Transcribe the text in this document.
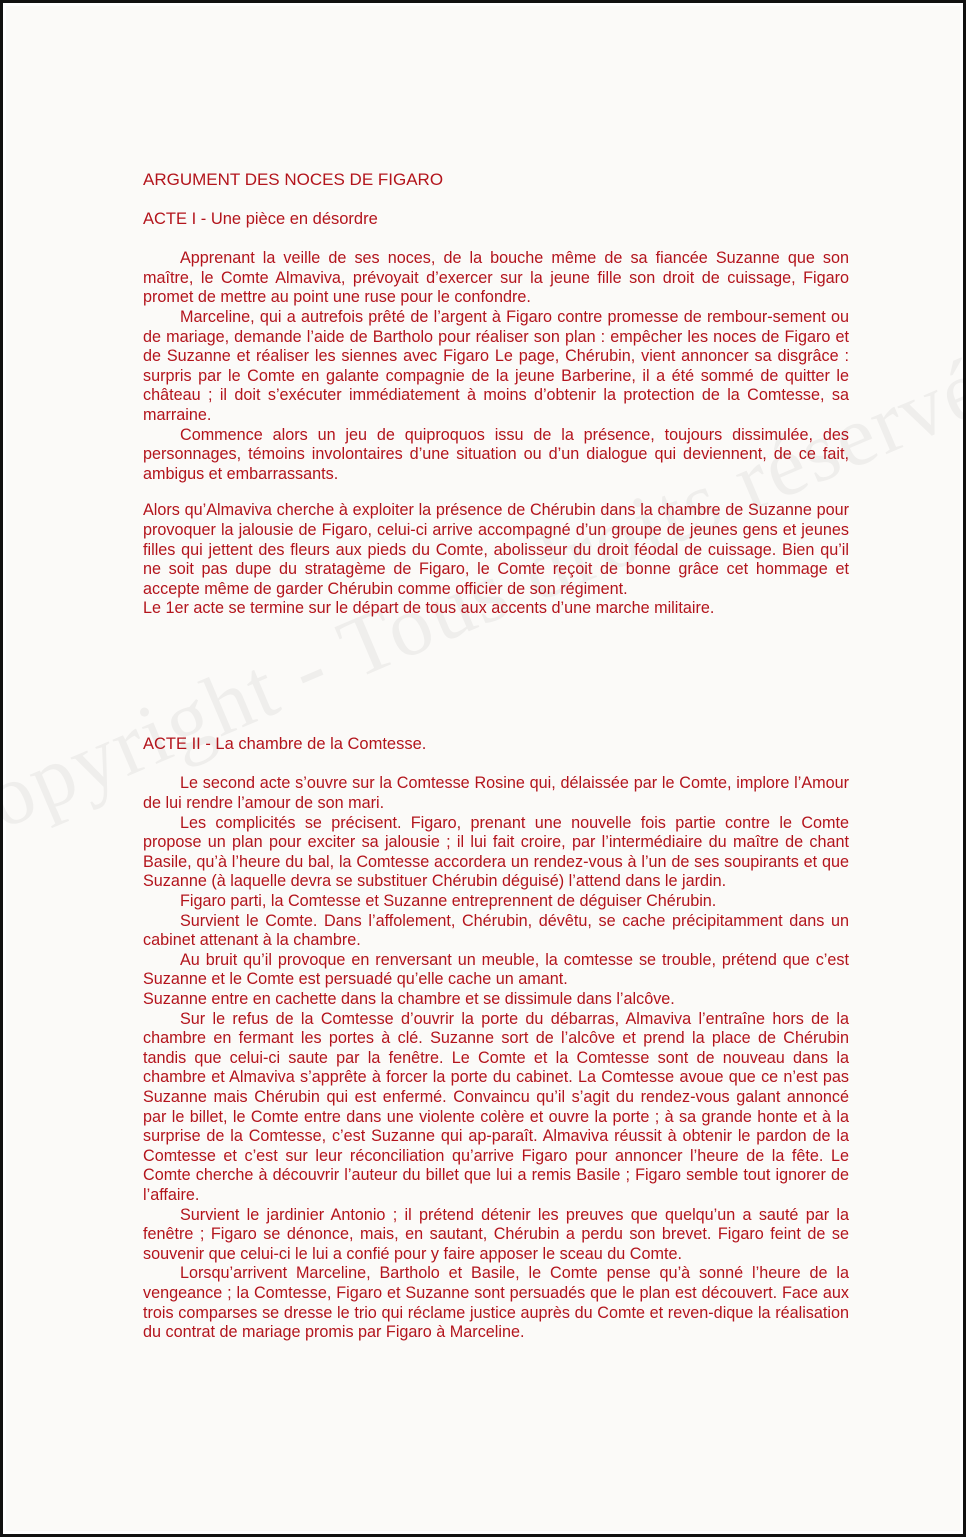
ARGUMENT DES NOCES DE FIGARO
ACTE I - Une pièce en désordre

Apprenant la veille de ses noces, de la bouche même de sa fiancée Suzanne que son maître, le Comte Almaviva, prévoyait d’exercer sur la jeune fille son droit de cuissage, Figaro promet de mettre au point une ruse pour le confondre.

Marceline, qui a autrefois prêté de l’argent à Figaro contre promesse de rembour-sement ou de mariage, demande l’aide de Bartholo pour réaliser son plan : empêcher les noces de Figaro et de Suzanne et réaliser les siennes avec Figaro Le page, Chérubin, vient annoncer sa disgrâce : surpris par le Comte en galante compagnie de la jeune Barberine, il a été sommé de quitter le château ; il doit s’exécuter immédiatement à moins d’obtenir la protection de la Comtesse, sa marraine.

Commence alors un jeu de quiproquos issu de la présence, toujours dissimulée, des personnages, témoins involontaires d’une situation ou d’un dialogue qui deviennent, de ce fait, ambigus et embarrassants.

Alors qu’Almaviva cherche à exploiter la présence de Chérubin dans la chambre de Suzanne pour provoquer la jalousie de Figaro, celui-ci arrive accompagné d’un groupe de jeunes gens et jeunes filles qui jettent des fleurs aux pieds du Comte, abolisseur du droit féodal de cuissage. Bien qu’il ne soit pas dupe du stratagème de Figaro, le Comte reçoit de bonne grâce cet hommage et accepte même de garder Chérubin comme officier de son régiment.

Le 1er acte se termine sur le départ de tous aux accents d’une marche militaire.

ACTE II - La chambre de la Comtesse.

Le second acte s’ouvre sur la Comtesse Rosine qui, délaissée par le Comte, implore l’Amour de lui rendre l’amour de son mari.

Les complicités se précisent. Figaro, prenant une nouvelle fois partie contre le Comte propose un plan pour exciter sa jalousie ; il lui fait croire, par l’intermédiaire du maître de chant Basile, qu’à l’heure du bal, la Comtesse accordera un rendez-vous à l’un de ses soupirants et que Suzanne (à laquelle devra se substituer Chérubin déguisé) l’attend dans le jardin.

Figaro parti, la Comtesse et Suzanne entreprennent de déguiser Chérubin.

Survient le Comte. Dans l’affolement, Chérubin, dévêtu, se cache précipitamment dans un cabinet attenant à la chambre.

Au bruit qu’il provoque en renversant un meuble, la comtesse se trouble, prétend que c’est Suzanne et le Comte est persuadé qu’elle cache un amant.

Suzanne entre en cachette dans la chambre et se dissimule dans l’alcôve.

Sur le refus de la Comtesse d’ouvrir la porte du débarras, Almaviva l’entraîne hors de la chambre en fermant les portes à clé. Suzanne sort de l’alcôve et prend la place de Chérubin tandis que celui-ci saute par la fenêtre. Le Comte et la Comtesse sont de nouveau dans la chambre et Almaviva s’apprête à forcer la porte du cabinet. La Comtesse avoue que ce n’est pas Suzanne mais Chérubin qui est enfermé. Convaincu qu’il s’agit du rendez-vous galant annoncé par le billet, le Comte entre dans une violente colère et ouvre la porte ; à sa grande honte et à la surprise de la Comtesse, c’est Suzanne qui ap-paraît. Almaviva réussit à obtenir le pardon de la Comtesse et c’est sur leur réconciliation qu’arrive Figaro pour annoncer l’heure de la fête. Le Comte cherche à découvrir l’auteur du billet que lui a remis Basile ; Figaro semble tout ignorer de l’affaire.

Survient le jardinier Antonio ; il prétend détenir les preuves que quelqu’un a sauté par la fenêtre ; Figaro se dénonce, mais, en sautant, Chérubin a perdu son brevet. Figaro feint de se souvenir que celui-ci le lui a confié pour y faire apposer le sceau du Comte.

Lorsqu’arrivent Marceline, Bartholo et Basile, le Comte pense qu’à sonné l’heure de la vengeance ; la Comtesse, Figaro et Suzanne sont persuadés que le plan est découvert. Face aux trois comparses se dresse le trio qui réclame justice auprès du Comte et reven-dique la réalisation du contrat de mariage promis par Figaro à Marceline.
